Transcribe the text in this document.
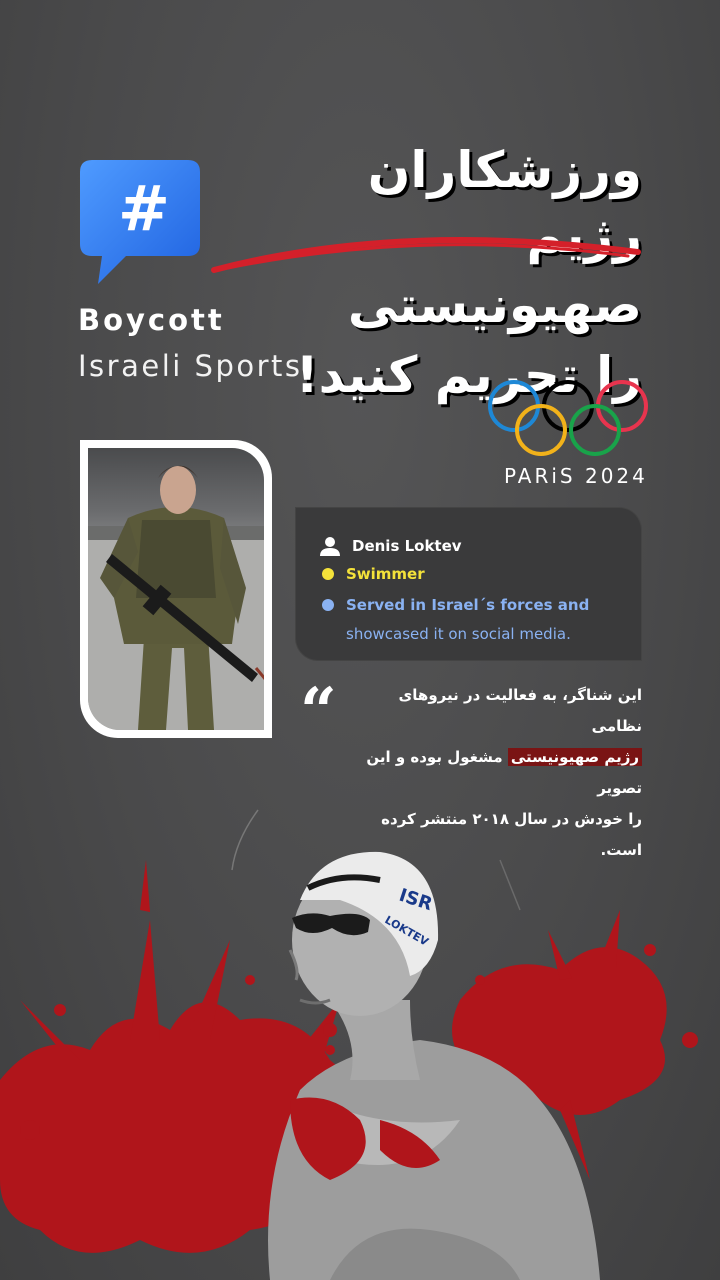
ورزشکاران
رژیم صهیونیستی
را تحریم کنید!
#
Boycott
Israeli Sports
PARiS 2024
Denis Loktev
Swimmer
Served in Israel´s forces and
showcased it on social media.
“	این شناگر، به فعالیت در نیروهای نظامی
رژیم صهیونیستی مشغول بوده و این تصویر
را خودش در سال ۲۰۱۸ منتشر کرده است.
ISR
LOKTEV
